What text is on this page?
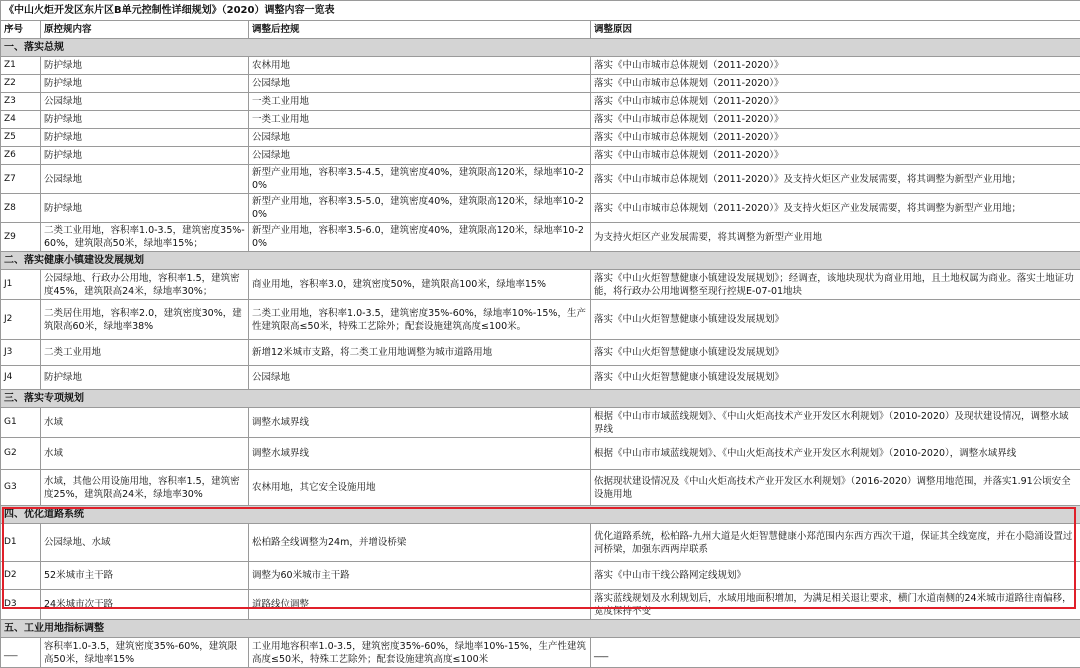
《中山火炬开发区东片区B单元控制性详细规划》（2020）调整内容一览表			
序号	原控规内容	调整后控规	调整原因
一、落实总规			
Z1	防护绿地	农林用地	落实《中山市城市总体规划（2011-2020）》
Z2	防护绿地	公园绿地	落实《中山市城市总体规划（2011-2020）》
Z3	公园绿地	一类工业用地	落实《中山市城市总体规划（2011-2020）》
Z4	防护绿地	一类工业用地	落实《中山市城市总体规划（2011-2020）》
Z5	防护绿地	公园绿地	落实《中山市城市总体规划（2011-2020）》
Z6	防护绿地	公园绿地	落实《中山市城市总体规划（2011-2020）》
Z7	公园绿地	新型产业用地，容积率3.5-4.5，建筑密度40%，建筑限高120米，绿地率10-20%	落实《中山市城市总体规划（2011-2020）》及支持火炬区产业发展需要，将其调整为新型产业用地；
Z8	防护绿地	新型产业用地，容积率3.5-5.0，建筑密度40%，建筑限高120米，绿地率10-20%	落实《中山市城市总体规划（2011-2020）》及支持火炬区产业发展需要，将其调整为新型产业用地；
Z9	二类工业用地，容积率1.0-3.5，建筑密度35%-60%，建筑限高50米，绿地率15%；	新型产业用地，容积率3.5-6.0，建筑密度40%，建筑限高120米，绿地率10-20%	为支持火炬区产业发展需要，将其调整为新型产业用地
二、落实健康小镇建设发展规划			
J1	公园绿地、行政办公用地，容积率1.5，建筑密度45%，建筑限高24米，绿地率30%；	商业用地，容积率3.0，建筑密度50%，建筑限高100米，绿地率15%	落实《中山火炬智慧健康小镇建设发展规划》；经调查，该地块现状为商业用地，且土地权属为商业。落实土地证功能，将行政办公用地调整至现行控规E-07-01地块
J2	二类居住用地，容积率2.0，建筑密度30%，建筑限高60米，绿地率38%	二类工业用地，容积率1.0-3.5，建筑密度35%-60%，绿地率10%-15%，生产性建筑限高≤50米，特殊工艺除外；配套设施建筑高度≤100米。	落实《中山火炬智慧健康小镇建设发展规划》
J3	二类工业用地	新增12米城市支路，将二类工业用地调整为城市道路用地	落实《中山火炬智慧健康小镇建设发展规划》
J4	防护绿地	公园绿地	落实《中山火炬智慧健康小镇建设发展规划》
三、落实专项规划			
G1	水域	调整水域界线	根据《中山市市域蓝线规划》、《中山火炬高技术产业开发区水利规划》（2010-2020）及现状建设情况，调整水域界线
G2	水域	调整水域界线	根据《中山市市域蓝线规划》、《中山火炬高技术产业开发区水利规划》（2010-2020），调整水域界线
G3	水域，其他公用设施用地，容积率1.5，建筑密度25%，建筑限高24米，绿地率30%	农林用地，其它安全设施用地	依据现状建设情况及《中山火炬高技术产业开发区水利规划》（2016-2020）调整用地范围，并落实1.91公顷安全设施用地
四、优化道路系统			
D1	公园绿地、水域	松柏路全线调整为24m，并增设桥梁	优化道路系统，松柏路-九州大道是火炬智慧健康小郑范围内东西方西次干道，保证其全线宽度，并在小隐涌设置过河桥梁，加强东西两岸联系
D2	52米城市主干路	调整为60米城市主干路	落实《中山市干线公路网定线规划》
D3	24米城市次干路	道路线位调整	落实蓝线规划及水利规划后，水域用地面积增加，为满足相关退让要求，横门水道南侧的24米城市道路往南偏移，宽度保持不变
五、工业用地指标调整			
___	容积率1.0-3.5，建筑密度35%-60%，建筑限高50米，绿地率15%	工业用地容积率1.0-3.5，建筑密度35%-60%，绿地率10%-15%，生产性建筑高度≤50米，特殊工艺除外；配套设施建筑高度≤100米	___
